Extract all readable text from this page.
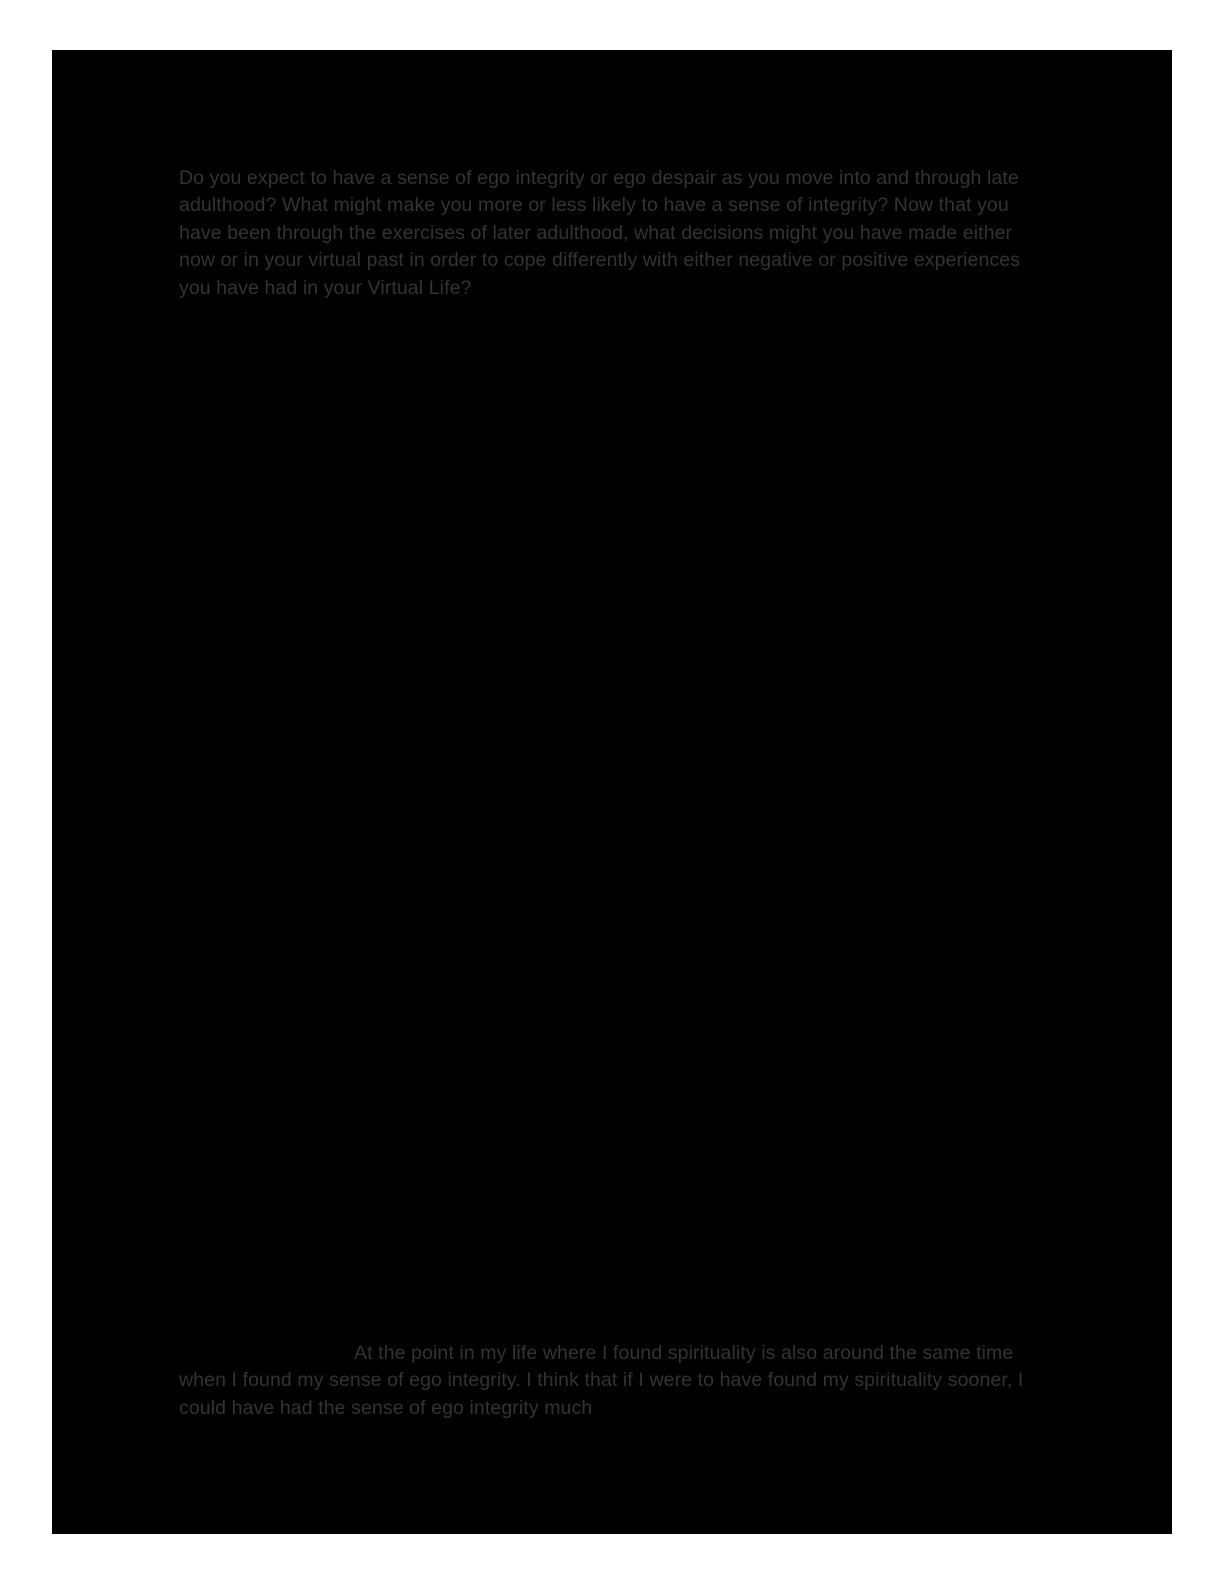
Do you expect to have a sense of ego integrity or ego despair as you move into and through late adulthood? What might make you more or less likely to have a sense of integrity? Now that you have been through the exercises of later adulthood, what decisions might you have made either now or in your virtual past in order to cope differently with either negative or positive experiences you have had in your Virtual Life?

At the point in my life where I found spirituality is also around the same time when I found my sense of ego integrity. I think that if I were to have found my spirituality sooner, I could have had the sense of ego integrity much
